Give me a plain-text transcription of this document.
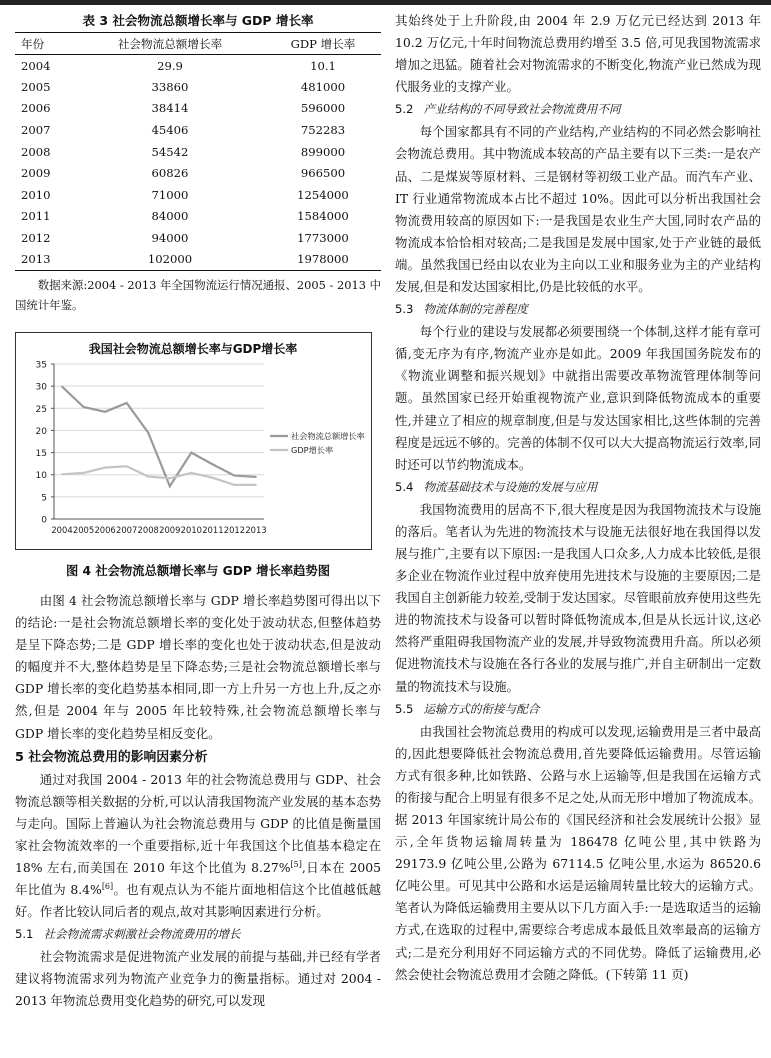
表 3 社会物流总额增长率与 GDP 增长率
年份	社会物流总额增长率	GDP 增长率
2004	29.9	10.1
2005	33860	481000
2006	38414	596000
2007	45406	752283
2008	54542	899000
2009	60826	966500
2010	71000	1254000
2011	84000	1584000
2012	94000	1773000
2013	102000	1978000

数据来源:2004 - 2013 年全国物流运行情况通报、2005 - 2013 中国统计年鉴。

我国社会物流总额增长率与GDP增长率
0
5
10
15
20
25
30
35
2004 2005 2006 2007 2008 2009 2010 2011 2012 2013
社会物流总额增长率
GDP增长率
图 4 社会物流总额增长率与 GDP 增长率趋势图

由图 4 社会物流总额增长率与 GDP 增长率趋势图可得出以下的结论:一是社会物流总额增长率的变化处于波动状态,但整体趋势是呈下降态势;二是 GDP 增长率的变化也处于波动状态,但是波动的幅度并不大,整体趋势是呈下降态势;三是社会物流总额增长率与 GDP 增长率的变化趋势基本相同,即一方上升另一方也上升,反之亦然,但是 2004 年与 2005 年比较特殊,社会物流总额增长率与 GDP 增长率的变化趋势呈相反变化。

5 社会物流总费用的影响因素分析

通过对我国 2004 - 2013 年的社会物流总费用与 GDP、社会物流总额等相关数据的分析,可以认清我国物流产业发展的基本态势与走向。国际上普遍认为社会物流总费用与 GDP 的比值是衡量国家社会物流效率的一个重要指标,近十年我国这个比值基本稳定在 18% 左右,而美国在 2010 年这个比值为 8.27%[5],日本在 2005 年比值为 8.4%[6]。也有观点认为不能片面地相信这个比值越低越好。作者比较认同后者的观点,故对其影响因素进行分析。

5.1 社会物流需求刺激社会物流费用的增长

社会物流需求是促进物流产业发展的前提与基础,并已经有学者建议将物流需求列为物流产业竞争力的衡量指标。通过对 2004 - 2013 年物流总费用变化趋势的研究,可以发现

其始终处于上升阶段,由 2004 年 2.9 万亿元已经达到 2013 年 10.2 万亿元,十年时间物流总费用约增至 3.5 倍,可见我国物流需求增加之迅猛。随着社会对物流需求的不断变化,物流产业已然成为现代服务业的支撑产业。

5.2 产业结构的不同导致社会物流费用不同

每个国家都具有不同的产业结构,产业结构的不同必然会影响社会物流总费用。其中物流成本较高的产品主要有以下三类:一是农产品、二是煤炭等原材料、三是钢材等初级工业产品。而汽车产业、IT 行业通常物流成本占比不超过 10%。因此可以分析出我国社会物流费用较高的原因如下:一是我国是农业生产大国,同时农产品的物流成本恰恰相对较高;二是我国是发展中国家,处于产业链的最低端。虽然我国已经由以农业为主向以工业和服务业为主的产业结构发展,但是和发达国家相比,仍是比较低的水平。

5.3 物流体制的完善程度

每个行业的建设与发展都必须要围绕一个体制,这样才能有章可循,变无序为有序,物流产业亦是如此。2009 年我国国务院发布的《物流业调整和振兴规划》中就指出需要改革物流管理体制等问题。虽然国家已经开始重视物流产业,意识到降低物流成本的重要性,并建立了相应的规章制度,但是与发达国家相比,这些体制的完善程度是远远不够的。完善的体制不仅可以大大提高物流运行效率,同时还可以节约物流成本。

5.4 物流基础技术与设施的发展与应用

我国物流费用的居高不下,很大程度是因为我国物流技术与设施的落后。笔者认为先进的物流技术与设施无法很好地在我国得以发展与推广,主要有以下原因:一是我国人口众多,人力成本比较低,是很多企业在物流作业过程中放弃使用先进技术与设施的主要原因;二是我国自主创新能力较差,受制于发达国家。尽管眼前放弃使用这些先进的物流技术与设备可以暂时降低物流成本,但是从长远计议,这必然将严重阻碍我国物流产业的发展,并导致物流费用升高。所以必须促进物流技术与设施在各行各业的发展与推广,并自主研制出一定数量的物流技术与设施。

5.5 运输方式的衔接与配合

由我国社会物流总费用的构成可以发现,运输费用是三者中最高的,因此想要降低社会物流总费用,首先要降低运输费用。尽管运输方式有很多种,比如铁路、公路与水上运输等,但是我国在运输方式的衔接与配合上明显有很多不足之处,从而无形中增加了物流成本。据 2013 年国家统计局公布的《国民经济和社会发展统计公报》显示,全年货物运输周转量为 186478 亿吨公里,其中铁路为 29173.9 亿吨公里,公路为 67114.5 亿吨公里,水运为 86520.6 亿吨公里。可见其中公路和水运是运输周转量比较大的运输方式。笔者认为降低运输费用主要从以下几方面入手:一是选取适当的运输方式,在选取的过程中,需要综合考虑成本最低且效率最高的运输方式;二是充分利用好不同运输方式的不同优势。降低了运输费用,必然会使社会物流总费用才会随之降低。(下转第 11 页)
